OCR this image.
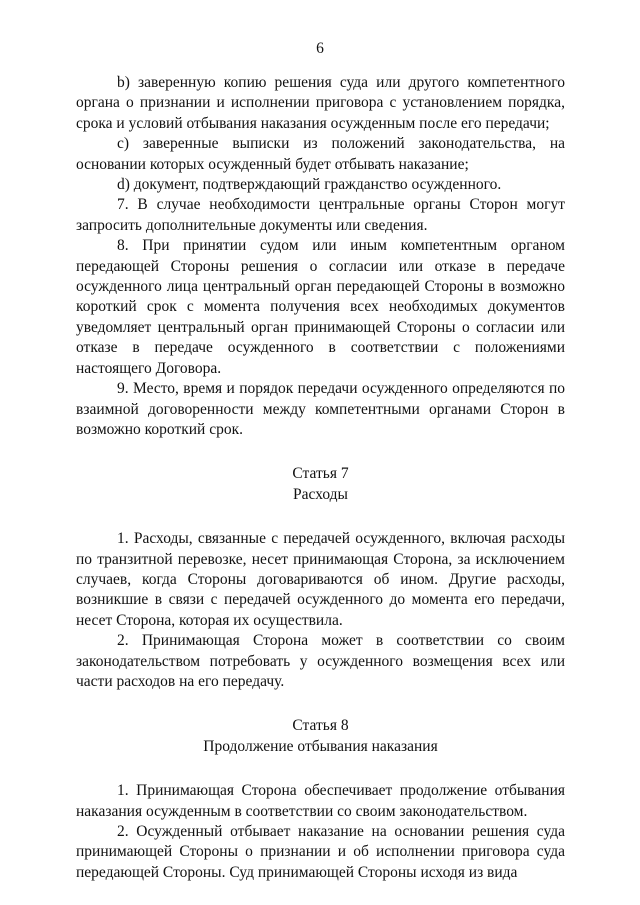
6
b) заверенную копию решения суда или другого компетентного органа о признании и исполнении приговора с установлением порядка, срока и условий отбывания наказания осужденным после его передачи;
c) заверенные выписки из положений законодательства, на основании которых осужденный будет отбывать наказание;
d) документ, подтверждающий гражданство осужденного.
7. В случае необходимости центральные органы Сторон могут запросить дополнительные документы или сведения.
8. При принятии судом или иным компетентным органом передающей Стороны решения о согласии или отказе в передаче осужденного лица центральный орган передающей Стороны в возможно короткий срок с момента получения всех необходимых документов уведомляет центральный орган принимающей Стороны о согласии или отказе в передаче осужденного в соответствии с положениями настоящего Договора.
9. Место, время и порядок передачи осужденного определяются по взаимной договоренности между компетентными органами Сторон в возможно короткий срок.
Статья 7
Расходы
1. Расходы, связанные с передачей осужденного, включая расходы по транзитной перевозке, несет принимающая Сторона, за исключением случаев, когда Стороны договариваются об ином. Другие расходы, возникшие в связи с передачей осужденного до момента его передачи, несет Сторона, которая их осуществила.
2. Принимающая Сторона может в соответствии со своим законодательством потребовать у осужденного возмещения всех или части расходов на его передачу.
Статья 8
Продолжение отбывания наказания
1. Принимающая Сторона обеспечивает продолжение отбывания наказания осужденным в соответствии со своим законодательством.
2. Осужденный отбывает наказание на основании решения суда принимающей Стороны о признании и об исполнении приговора суда передающей Стороны. Суд принимающей Стороны исходя из вида
